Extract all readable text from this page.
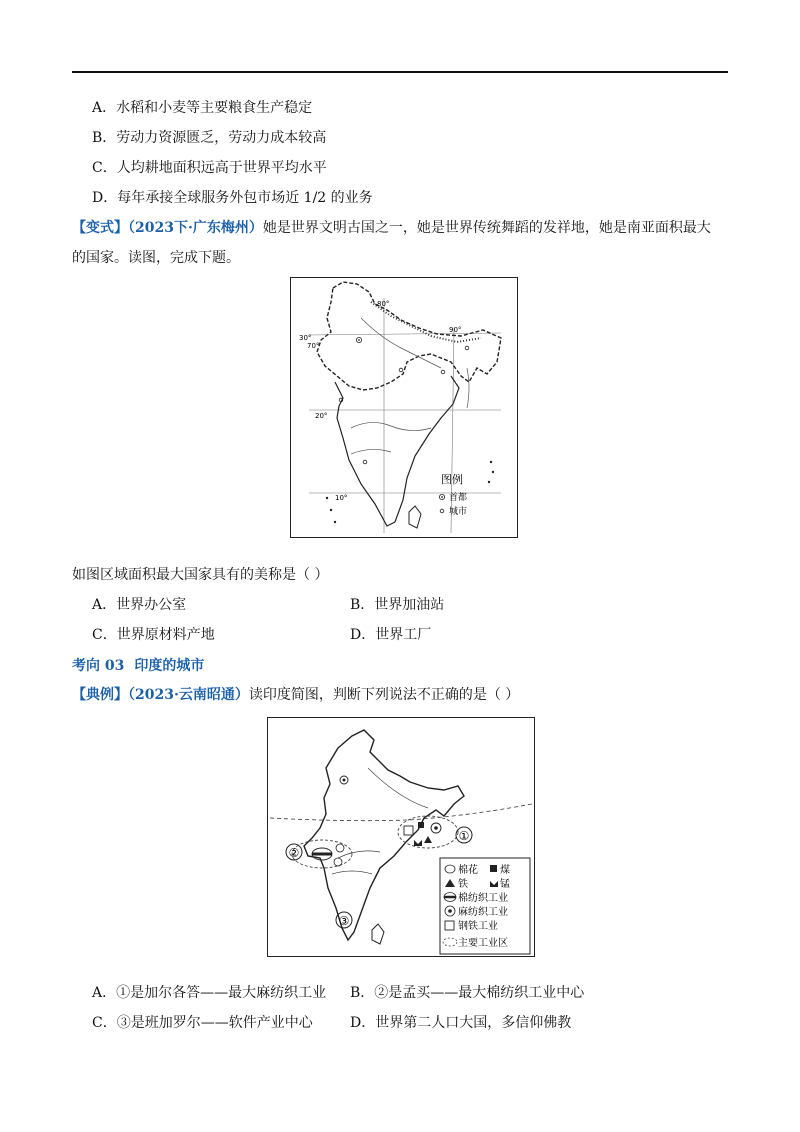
A．水稻和小麦等主要粮食生产稳定
B．劳动力资源匮乏，劳动力成本较高
C．人均耕地面积远高于世界平均水平
D．每年承接全球服务外包市场近 1/2 的业务
【变式】（2023下·广东梅州）她是世界文明古国之一，她是世界传统舞蹈的发祥地，她是南亚面积最大
的国家。读图，完成下题。
80°
90°
30°
70°
20°
10°
图例
首都
城市
如图区域面积最大国家具有的美称是（ ）
A．世界办公室	B．世界加油站
C．世界原材料产地	D．世界工厂
考向 03 印度的城市
【典例】（2023·云南昭通）读印度简图，判断下列说法不正确的是（ ）
①
②
③
棉花 煤
铁	锰
棉纺织工业
麻纺织工业
钢铁工业
主要工业区
A．①是加尔各答——最大麻纺织工业 B．②是孟买——最大棉纺织工业中心
C．③是班加罗尔——软件产业中心	D．世界第二人口大国，多信仰佛教
